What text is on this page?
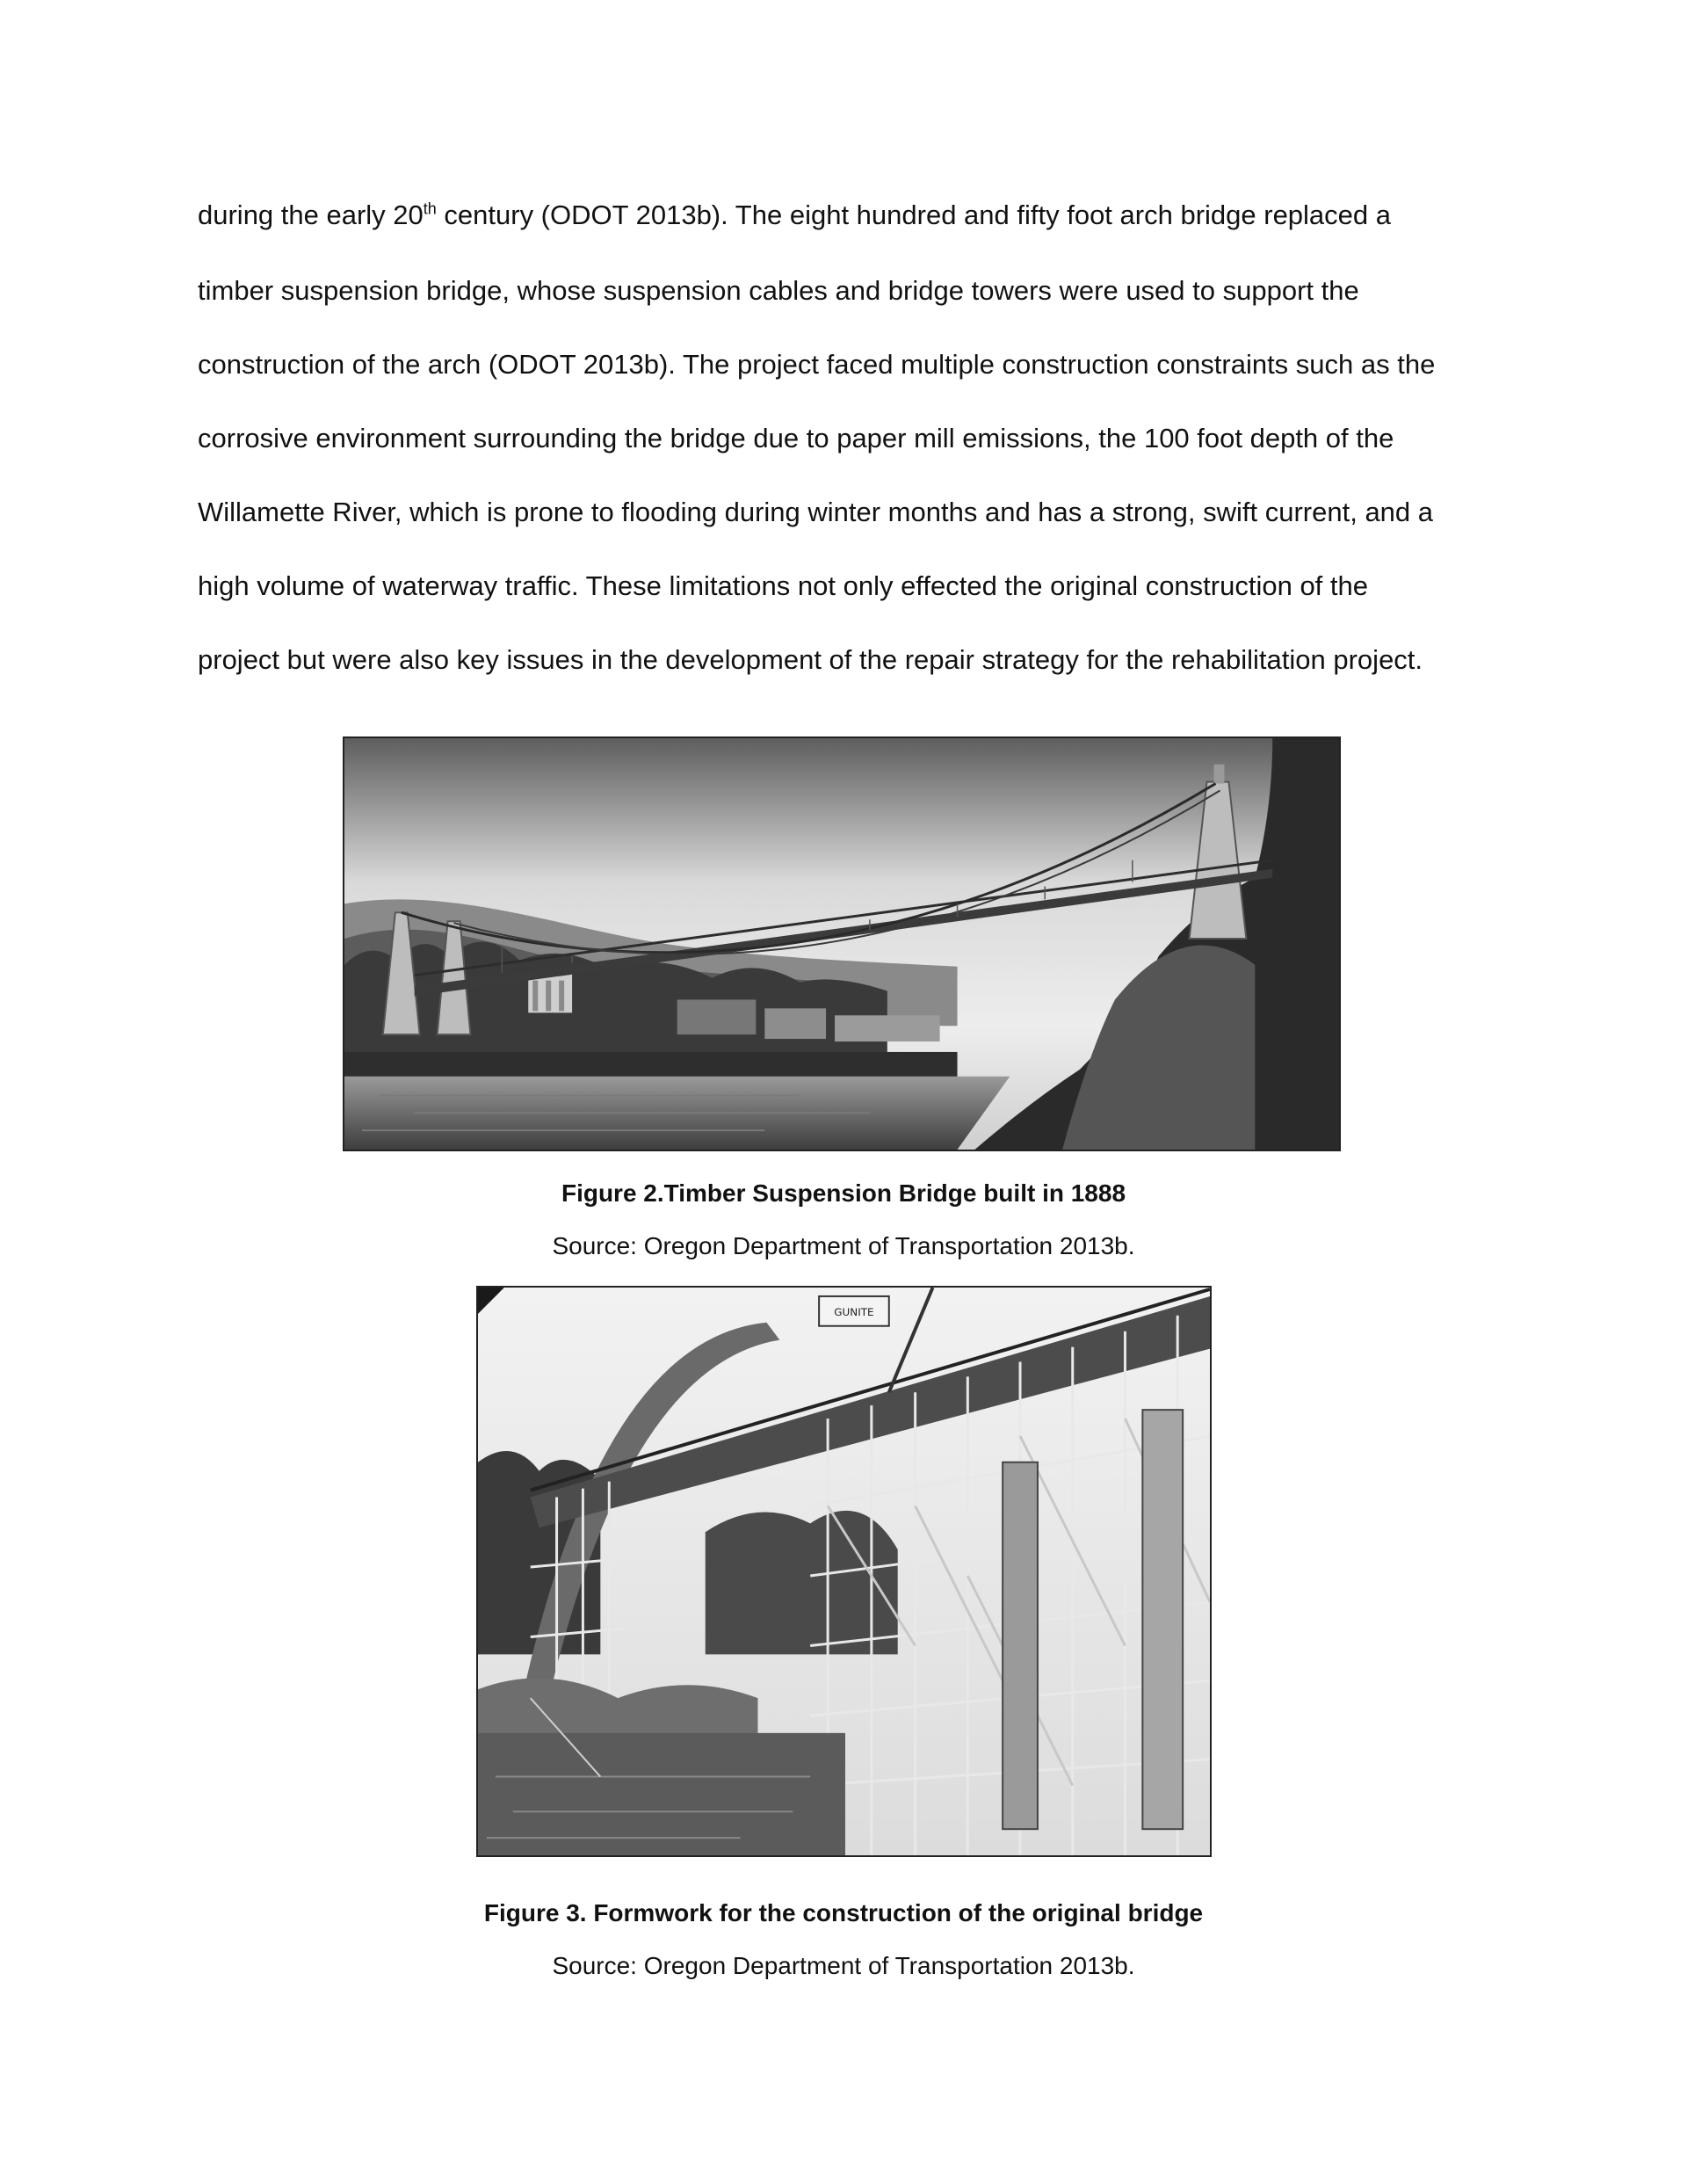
during the early 20th century (ODOT 2013b). The eight hundred and fifty foot arch bridge replaced a
timber suspension bridge, whose suspension cables and bridge towers were used to support the
construction of the arch (ODOT 2013b). The project faced multiple construction constraints such as the
corrosive environment surrounding the bridge due to paper mill emissions, the 100 foot depth of the
Willamette River, which is prone to flooding during winter months and has a strong, swift current, and a
high volume of waterway traffic. These limitations not only effected the original construction of the
project but were also key issues in the development of the repair strategy for the rehabilitation project.
Figure 2.Timber Suspension Bridge built in 1888
Source: Oregon Department of Transportation 2013b.
GUNITE
Figure 3. Formwork for the construction of the original bridge
Source: Oregon Department of Transportation 2013b.
